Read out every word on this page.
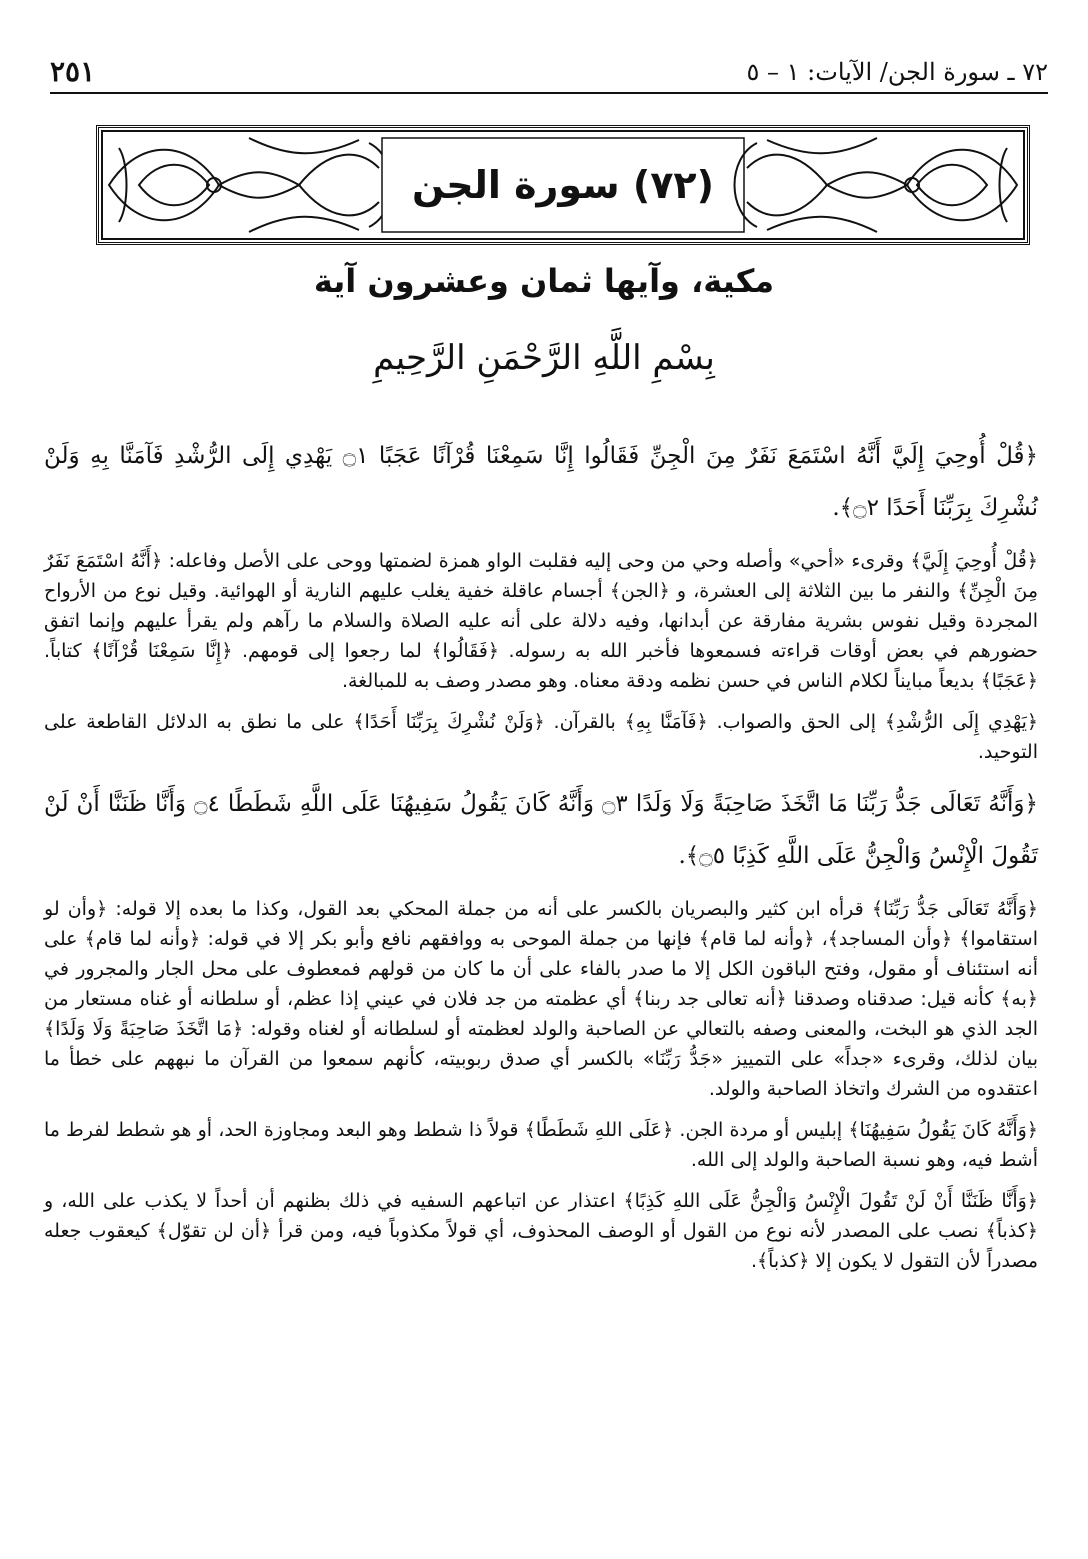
٧٢ ـ سورة الجن/ الآيات: ١ – ٥
٢٥١
(٧٢) سورة الجن
مكية، وآيها ثمان وعشرون آية
بِسْمِ اللَّهِ الرَّحْمَنِ الرَّحِيمِ

﴿قُلْ أُوحِيَ إِلَيَّ أَنَّهُ اسْتَمَعَ نَفَرٌ مِنَ الْجِنِّ فَقَالُوا إِنَّا سَمِعْنَا قُرْآنًا عَجَبًا ۝١ يَهْدِي إِلَى الرُّشْدِ فَآمَنَّا بِهِ وَلَنْ نُشْرِكَ بِرَبِّنَا أَحَدًا ۝٢﴾.

﴿قُلْ أُوحِيَ إِلَيَّ﴾ وقرىء «أحي» وأصله وحي من وحى إليه فقلبت الواو همزة لضمتها ووحى على الأصل وفاعله: ﴿أَنَّهُ اسْتَمَعَ نَفَرٌ مِنَ الْجِنِّ﴾ والنفر ما بين الثلاثة إلى العشرة، و ﴿الجن﴾ أجسام عاقلة خفية يغلب عليهم النارية أو الهوائية. وقيل نوع من الأرواح المجردة وقيل نفوس بشرية مفارقة عن أبدانها، وفيه دلالة على أنه عليه الصلاة والسلام ما رآهم ولم يقرأ عليهم وإنما اتفق حضورهم في بعض أوقات قراءته فسمعوها فأخبر الله به رسوله. ﴿فَقَالُوا﴾ لما رجعوا إلى قومهم. ﴿إِنَّا سَمِعْنَا قُرْآنًا﴾ كتاباً. ﴿عَجَبًا﴾ بديعاً مبايناً لكلام الناس في حسن نظمه ودقة معناه. وهو مصدر وصف به للمبالغة.

﴿يَهْدِي إِلَى الرُّشْدِ﴾ إلى الحق والصواب. ﴿فَآمَنَّا بِهِ﴾ بالقرآن. ﴿وَلَنْ نُشْرِكَ بِرَبِّنَا أَحَدًا﴾ على ما نطق به الدلائل القاطعة على التوحيد.

﴿وَأَنَّهُ تَعَالَى جَدُّ رَبِّنَا مَا اتَّخَذَ صَاحِبَةً وَلَا وَلَدًا ۝٣ وَأَنَّهُ كَانَ يَقُولُ سَفِيهُنَا عَلَى اللَّهِ شَطَطًا ۝٤ وَأَنَّا ظَنَنَّا أَنْ لَنْ تَقُولَ الْإِنْسُ وَالْجِنُّ عَلَى اللَّهِ كَذِبًا ۝٥﴾.

﴿وَأَنَّهُ تَعَالَى جَدُّ رَبِّنَا﴾ قرأه ابن كثير والبصريان بالكسر على أنه من جملة المحكي بعد القول، وكذا ما بعده إلا قوله: ﴿وأن لو استقاموا﴾ ﴿وأن المساجد﴾، ﴿وأنه لما قام﴾ فإنها من جملة الموحى به ووافقهم نافع وأبو بكر إلا في قوله: ﴿وأنه لما قام﴾ على أنه استئناف أو مقول، وفتح الباقون الكل إلا ما صدر بالفاء على أن ما كان من قولهم فمعطوف على محل الجار والمجرور في ﴿به﴾ كأنه قيل: صدقناه وصدقنا ﴿أنه تعالى جد ربنا﴾ أي عظمته من جد فلان في عيني إذا عظم، أو سلطانه أو غناه مستعار من الجد الذي هو البخت، والمعنى وصفه بالتعالي عن الصاحبة والولد لعظمته أو لسلطانه أو لغناه وقوله: ﴿مَا اتَّخَذَ صَاحِبَةً وَلَا وَلَدًا﴾ بيان لذلك، وقرىء «جداً» على التمييز «جَدُّ رَبِّنَا» بالكسر أي صدق ربوبيته، كأنهم سمعوا من القرآن ما نبههم على خطأ ما اعتقدوه من الشرك واتخاذ الصاحبة والولد.

﴿وَأَنَّهُ كَانَ يَقُولُ سَفِيهُنَا﴾ إبليس أو مردة الجن. ﴿عَلَى اللهِ شَطَطًا﴾ قولاً ذا شطط وهو البعد ومجاوزة الحد، أو هو شطط لفرط ما أشط فيه، وهو نسبة الصاحبة والولد إلى الله.

﴿وَأَنَّا ظَنَنَّا أَنْ لَنْ تَقُولَ الْإِنْسُ وَالْجِنُّ عَلَى اللهِ كَذِبًا﴾ اعتذار عن اتباعهم السفيه في ذلك بظنهم أن أحداً لا يكذب على الله، و ﴿كذباً﴾ نصب على المصدر لأنه نوع من القول أو الوصف المحذوف، أي قولاً مكذوباً فيه، ومن قرأ ﴿أن لن تقوّل﴾ كيعقوب جعله مصدراً لأن التقول لا يكون إلا ﴿كذباً﴾.
